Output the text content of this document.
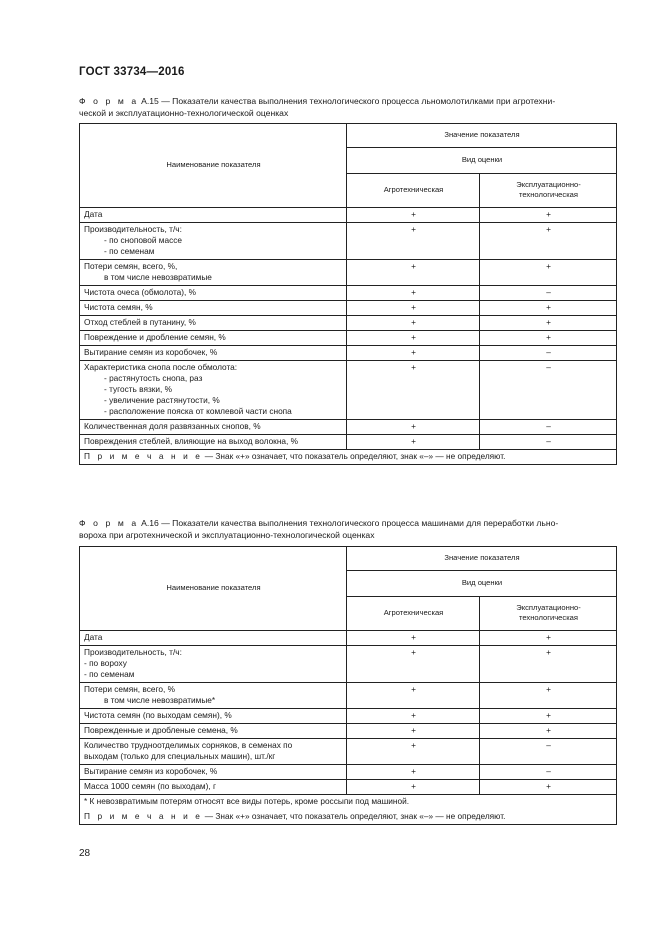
ГОСТ 33734—2016
Ф о р м а А.15 — Показатели качества выполнения технологического процесса льномолотилками при агротехни-
ческой и эксплуатационно-технологической оценках
Наименование показателя	Значение показателя	
	Вид оценки	
	Агротехническая	Эксплуатационно-
технологическая

Дата	+	+

Производительность, т/ч:
- по сноповой массе
- по семенам	+	+

Потери семян, всего, %,
в том числе невозвратимые	+	+

Чистота очеса (обмолота), %	+	–

Чистота семян, %	+	+

Отход стеблей в путанину, %	+	+

Повреждение и дробление семян, %	+	+

Вытирание семян из коробочек, %	+	–

Характеристика снопа после обмолота:
- растянутость снопа, раз
- тугость вязки, %
- увеличение растянутости, %
- расположение пояска от комлевой части снопа	+	–

Количественная доля развязанных снопов, %	+	–

Повреждения стеблей, влияющие на выход волокна, %	+	–
П р и м е ч а н и е — Знак «+» означает, что показатель определяют, знак «–» — не определяют.		
Ф о р м а А.16 — Показатели качества выполнения технологического процесса машинами для переработки льно-
вороха при агротехнической и эксплуатационно-технологической оценках
Наименование показателя	Значение показателя	
	Вид оценки	
	Агротехническая	Эксплуатационно-
технологическая

Дата	+	+

Производительность, т/ч:
- по вороху
- по семенам	+	+

Потери семян, всего, %
в том числе невозвратимые*	+	+

Чистота семян (по выходам семян), %	+	+

Поврежденные и дробленые семена, %	+	+

Количество трудноотделимых сорняков, в семенах по
выходам (только для специальных машин), шт./кг	+	–

Вытирание семян из коробочек, %	+	–

Масса 1000 семян (по выходам), г	+	+
* К невозвратимым потерям относят все виды потерь, кроме россыпи под машиной.		
П р и м е ч а н и е — Знак «+» означает, что показатель определяют, знак «–» — не определяют.		
28
